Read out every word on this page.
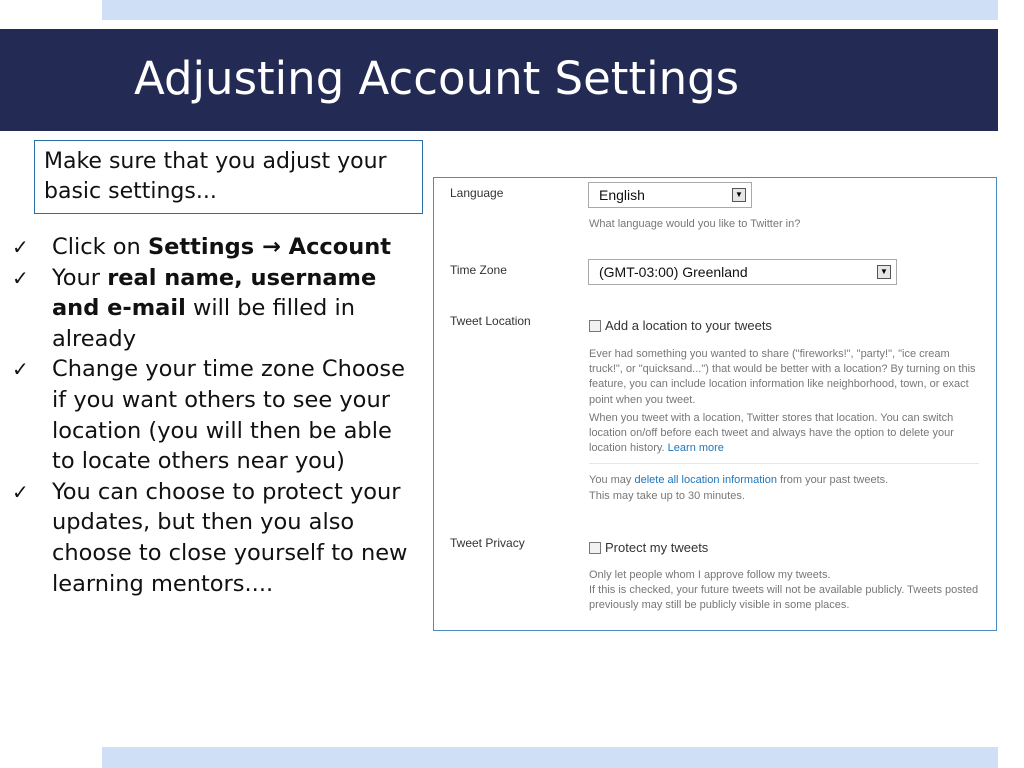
Adjusting Account Settings
Make sure that you adjust your basic settings...
✓ Click on Settings → Account
✓ Your real name, username and e-mail will be filled in already
✓ Change your time zone Choose if you want others to see your location (you will then be able to locate others near you)
✓ You can choose to protect your updates, but then you also choose to close yourself to new learning mentors....
Language	English	▼
What language would you like to Twitter in?
Time Zone	(GMT-03:00) Greenland	▼
Tweet Location	Add a location to your tweets
Ever had something you wanted to share ("fireworks!", "party!", "ice cream truck!", or "quicksand...") that would be better with a location? By turning on this feature, you can include location information like neighborhood, town, or exact point when you tweet.
When you tweet with a location, Twitter stores that location. You can switch location on/off before each tweet and always have the option to delete your location history. Learn more
You may delete all location information from your past tweets.
This may take up to 30 minutes.
Tweet Privacy	Protect my tweets
Only let people whom I approve follow my tweets.
If this is checked, your future tweets will not be available publicly. Tweets posted previously may still be publicly visible in some places.
